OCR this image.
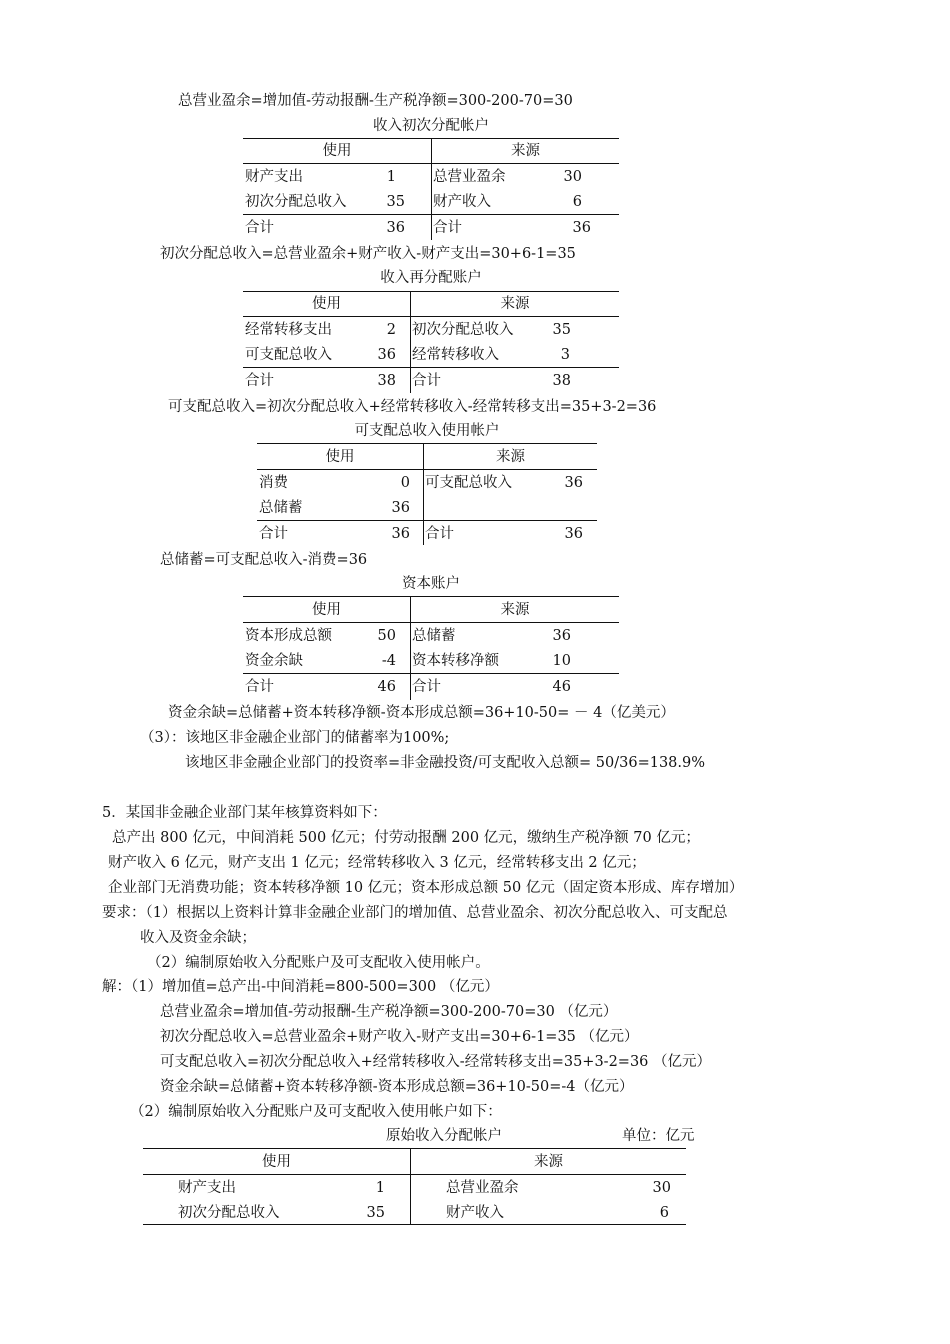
总营业盈余=增加值-劳动报酬-生产税净额=300-200-70=30
收入初次分配帐户
使用	来源
财产支出	1	总营业盈余	30
初次分配总收入	35 财产收入	6
合计	36 合计	36
初次分配总收入=总营业盈余+财产收入-财产支出=30+6-1=35
收入再分配账户
使用	来源
经常转移支出	2 初次分配总收入	35
可支配总收入	36 经常转移收入	3
合计	38 合计	38
可支配总收入=初次分配总收入+经常转移收入-经常转移支出=35+3-2=36
可支配总收入使用帐户
使用	来源
消费	0 可支配总收入	36
总储蓄	36
合计	36 合计	36
总储蓄=可支配总收入-消费=36
资本账户
使用	来源
资本形成总额	50 总储蓄	36
资金余缺	-4 资本转移净额	10
合计	46 合计	46
资金余缺=总储蓄+资本转移净额-资本形成总额=36+10-50= － 4（亿美元）
（3）：该地区非金融企业部门的储蓄率为100%;
该地区非金融企业部门的投资率=非金融投资/可支配收入总额= 50/36=138.9%
5．某国非金融企业部门某年核算资料如下：
总产出 800 亿元，中间消耗 500 亿元；付劳动报酬 200 亿元，缴纳生产税净额 70 亿元；
财产收入 6 亿元，财产支出 1 亿元；经常转移收入 3 亿元，经常转移支出 2 亿元；
企业部门无消费功能；资本转移净额 10 亿元；资本形成总额 50 亿元（固定资本形成、库存增加）
要求：（1）根据以上资料计算非金融企业部门的增加值、总营业盈余、初次分配总收入、可支配总
收入及资金余缺；
（2）编制原始收入分配账户及可支配收入使用帐户。
解：（1）增加值=总产出-中间消耗=800-500=300 （亿元）
总营业盈余=增加值-劳动报酬-生产税净额=300-200-70=30 （亿元）
初次分配总收入=总营业盈余+财产收入-财产支出=30+6-1=35 （亿元）
可支配总收入=初次分配总收入+经常转移收入-经常转移支出=35+3-2=36 （亿元）
资金余缺=总储蓄+资本转移净额-资本形成总额=36+10-50=-4（亿元）
（2）编制原始收入分配账户及可支配收入使用帐户如下：
原始收入分配帐户	单位：亿元
使用	来源
财产支出	1	总营业盈余	30
初次分配总收入	35	财产收入	6
